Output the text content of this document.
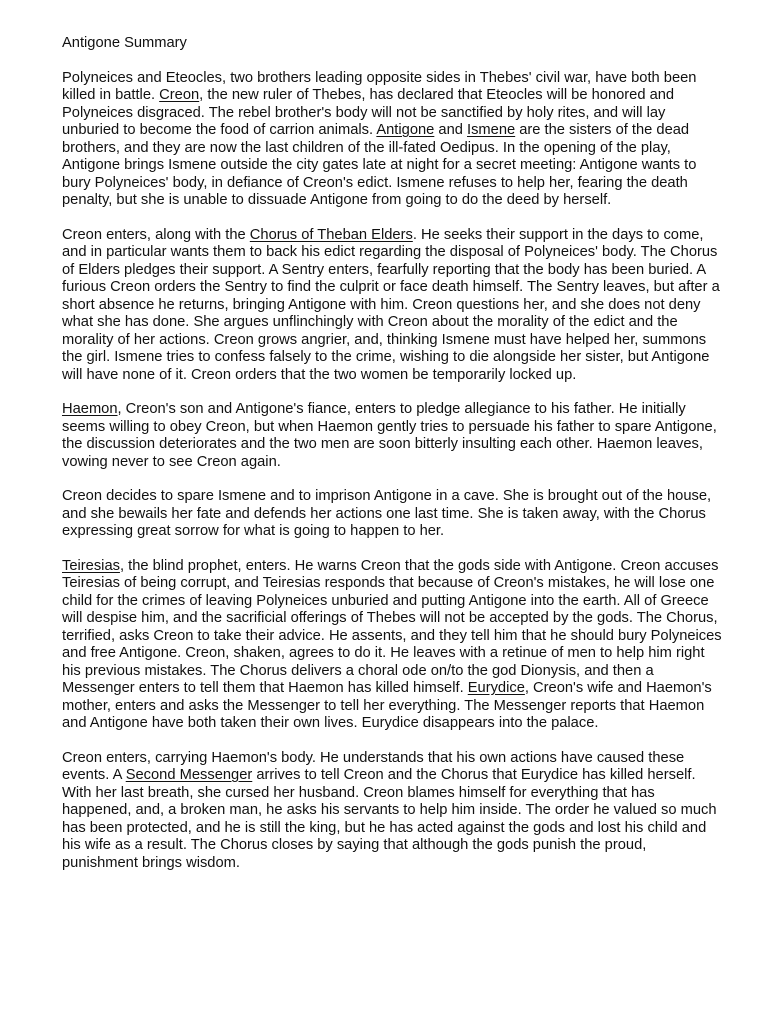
Antigone Summary

Polyneices and Eteocles, two brothers leading opposite sides in Thebes' civil war, have both been killed in battle. Creon, the new ruler of Thebes, has declared that Eteocles will be honored and Polyneices disgraced. The rebel brother's body will not be sanctified by holy rites, and will lay unburied to become the food of carrion animals. Antigone and Ismene are the sisters of the dead brothers, and they are now the last children of the ill-fated Oedipus. In the opening of the play, Antigone brings Ismene outside the city gates late at night for a secret meeting: Antigone wants to bury Polyneices' body, in defiance of Creon's edict. Ismene refuses to help her, fearing the death penalty, but she is unable to dissuade Antigone from going to do the deed by herself.

Creon enters, along with the Chorus of Theban Elders. He seeks their support in the days to come, and in particular wants them to back his edict regarding the disposal of Polyneices' body. The Chorus of Elders pledges their support. A Sentry enters, fearfully reporting that the body has been buried. A furious Creon orders the Sentry to find the culprit or face death himself. The Sentry leaves, but after a short absence he returns, bringing Antigone with him. Creon questions her, and she does not deny what she has done. She argues unflinchingly with Creon about the morality of the edict and the morality of her actions. Creon grows angrier, and, thinking Ismene must have helped her, summons the girl. Ismene tries to confess falsely to the crime, wishing to die alongside her sister, but Antigone will have none of it. Creon orders that the two women be temporarily locked up.

Haemon, Creon's son and Antigone's fiance, enters to pledge allegiance to his father. He initially seems willing to obey Creon, but when Haemon gently tries to persuade his father to spare Antigone, the discussion deteriorates and the two men are soon bitterly insulting each other. Haemon leaves, vowing never to see Creon again.

Creon decides to spare Ismene and to imprison Antigone in a cave. She is brought out of the house, and she bewails her fate and defends her actions one last time. She is taken away, with the Chorus expressing great sorrow for what is going to happen to her.

Teiresias, the blind prophet, enters. He warns Creon that the gods side with Antigone. Creon accuses Teiresias of being corrupt, and Teiresias responds that because of Creon's mistakes, he will lose one child for the crimes of leaving Polyneices unburied and putting Antigone into the earth. All of Greece will despise him, and the sacrificial offerings of Thebes will not be accepted by the gods. The Chorus, terrified, asks Creon to take their advice. He assents, and they tell him that he should bury Polyneices and free Antigone. Creon, shaken, agrees to do it. He leaves with a retinue of men to help him right his previous mistakes. The Chorus delivers a choral ode on/to the god Dionysis, and then a Messenger enters to tell them that Haemon has killed himself. Eurydice, Creon's wife and Haemon's mother, enters and asks the Messenger to tell her everything. The Messenger reports that Haemon and Antigone have both taken their own lives. Eurydice disappears into the palace.

Creon enters, carrying Haemon's body. He understands that his own actions have caused these events. A Second Messenger arrives to tell Creon and the Chorus that Eurydice has killed herself. With her last breath, she cursed her husband. Creon blames himself for everything that has happened, and, a broken man, he asks his servants to help him inside. The order he valued so much has been protected, and he is still the king, but he has acted against the gods and lost his child and his wife as a result. The Chorus closes by saying that although the gods punish the proud, punishment brings wisdom.
